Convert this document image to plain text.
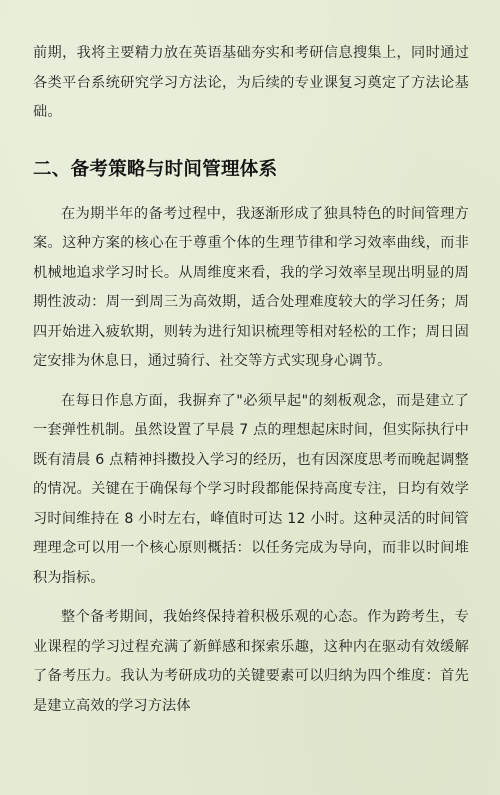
前期，我将主要精力放在英语基础夯实和考研信息搜集上，同时通过各类平台系统研究学习方法论，为后续的专业课复习奠定了方法论基础。

二、备考策略与时间管理体系

在为期半年的备考过程中，我逐渐形成了独具特色的时间管理方案。这种方案的核心在于尊重个体的生理节律和学习效率曲线，而非机械地追求学习时长。从周维度来看，我的学习效率呈现出明显的周期性波动：周一到周三为高效期，适合处理难度较大的学习任务；周四开始进入疲软期，则转为进行知识梳理等相对轻松的工作；周日固定安排为休息日，通过骑行、社交等方式实现身心调节。

在每日作息方面，我摒弃了"必须早起"的刻板观念，而是建立了一套弹性机制。虽然设置了早晨 7 点的理想起床时间，但实际执行中既有清晨 6 点精神抖擞投入学习的经历，也有因深度思考而晚起调整的情况。关键在于确保每个学习时段都能保持高度专注，日均有效学习时间维持在 8 小时左右，峰值时可达 12 小时。这种灵活的时间管理理念可以用一个核心原则概括：以任务完成为导向，而非以时间堆积为指标。

整个备考期间，我始终保持着积极乐观的心态。作为跨考生，专业课程的学习过程充满了新鲜感和探索乐趣，这种内在驱动有效缓解了备考压力。我认为考研成功的关键要素可以归纳为四个维度：首先是建立高效的学习方法体
